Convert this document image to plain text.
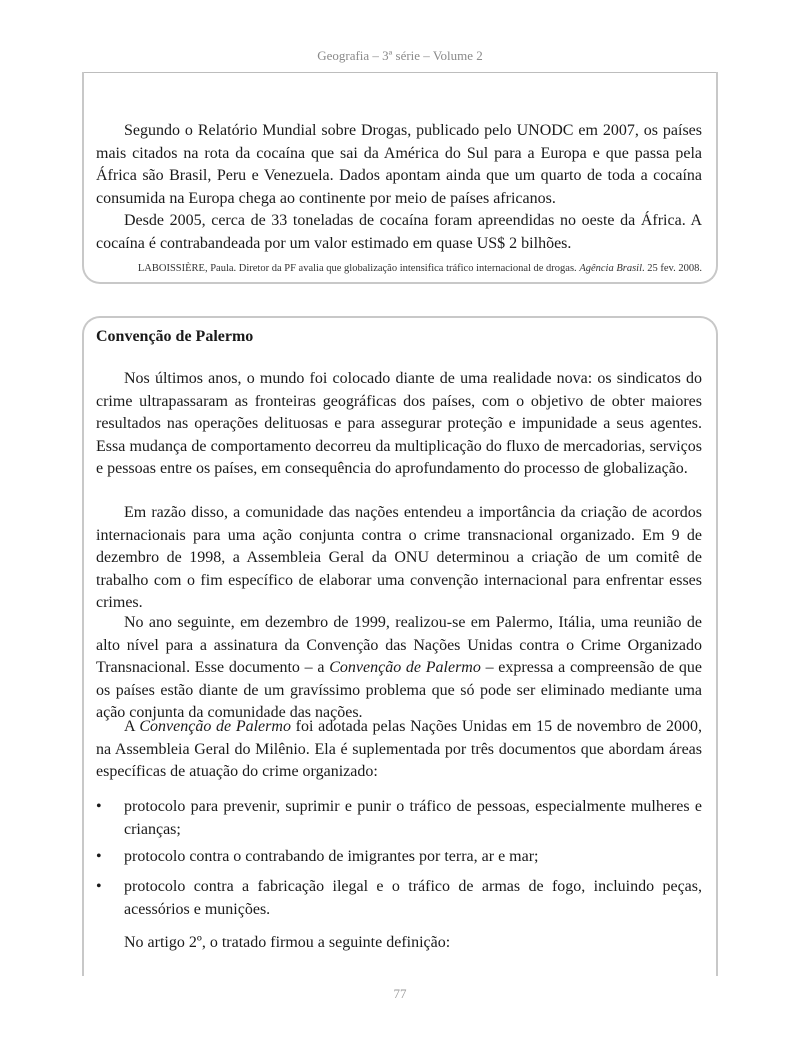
Geografia – 3ª série – Volume 2

Segundo o Relatório Mundial sobre Drogas, publicado pelo UNODC em 2007, os países mais citados na rota da cocaína que sai da América do Sul para a Europa e que passa pela África são Brasil, Peru e Venezuela. Dados apontam ainda que um quarto de toda a cocaína consumida na Europa chega ao continente por meio de países africanos.

Desde 2005, cerca de 33 toneladas de cocaína foram apreendidas no oeste da África. A cocaína é contrabandeada por um valor estimado em quase US$ 2 bilhões.

LABOISSIÈRE, Paula. Diretor da PF avalia que globalização intensifica tráfico internacional de drogas. Agência Brasil. 25 fev. 2008.

Convenção de Palermo

Nos últimos anos, o mundo foi colocado diante de uma realidade nova: os sindicatos do crime ultrapassaram as fronteiras geográficas dos países, com o objetivo de obter maiores resultados nas operações delituosas e para assegurar proteção e impunidade a seus agentes. Essa mudança de comportamento decorreu da multiplicação do fluxo de mercadorias, serviços e pessoas entre os países, em consequência do aprofundamento do processo de globalização.

Em razão disso, a comunidade das nações entendeu a importância da criação de acordos internacionais para uma ação conjunta contra o crime transnacional organizado. Em 9 de dezembro de 1998, a Assembleia Geral da ONU determinou a criação de um comitê de trabalho com o fim específico de elaborar uma convenção internacional para enfrentar esses crimes.

No ano seguinte, em dezembro de 1999, realizou-se em Palermo, Itália, uma reunião de alto nível para a assinatura da Convenção das Nações Unidas contra o Crime Organizado Transnacional. Esse documento – a Convenção de Palermo – expressa a compreensão de que os países estão diante de um gravíssimo problema que só pode ser eliminado mediante uma ação conjunta da comunidade das nações.

A Convenção de Palermo foi adotada pelas Nações Unidas em 15 de novembro de 2000, na Assembleia Geral do Milênio. Ela é suplementada por três documentos que abordam áreas específicas de atuação do crime organizado:

•	protocolo para prevenir, suprimir e punir o tráfico de pessoas, especialmente mulheres e crianças;
•	protocolo contra o contrabando de imigrantes por terra, ar e mar;
•	protocolo contra a fabricação ilegal e o tráfico de armas de fogo, incluindo peças, acessórios e munições.

No artigo 2º, o tratado firmou a seguinte definição:

77
